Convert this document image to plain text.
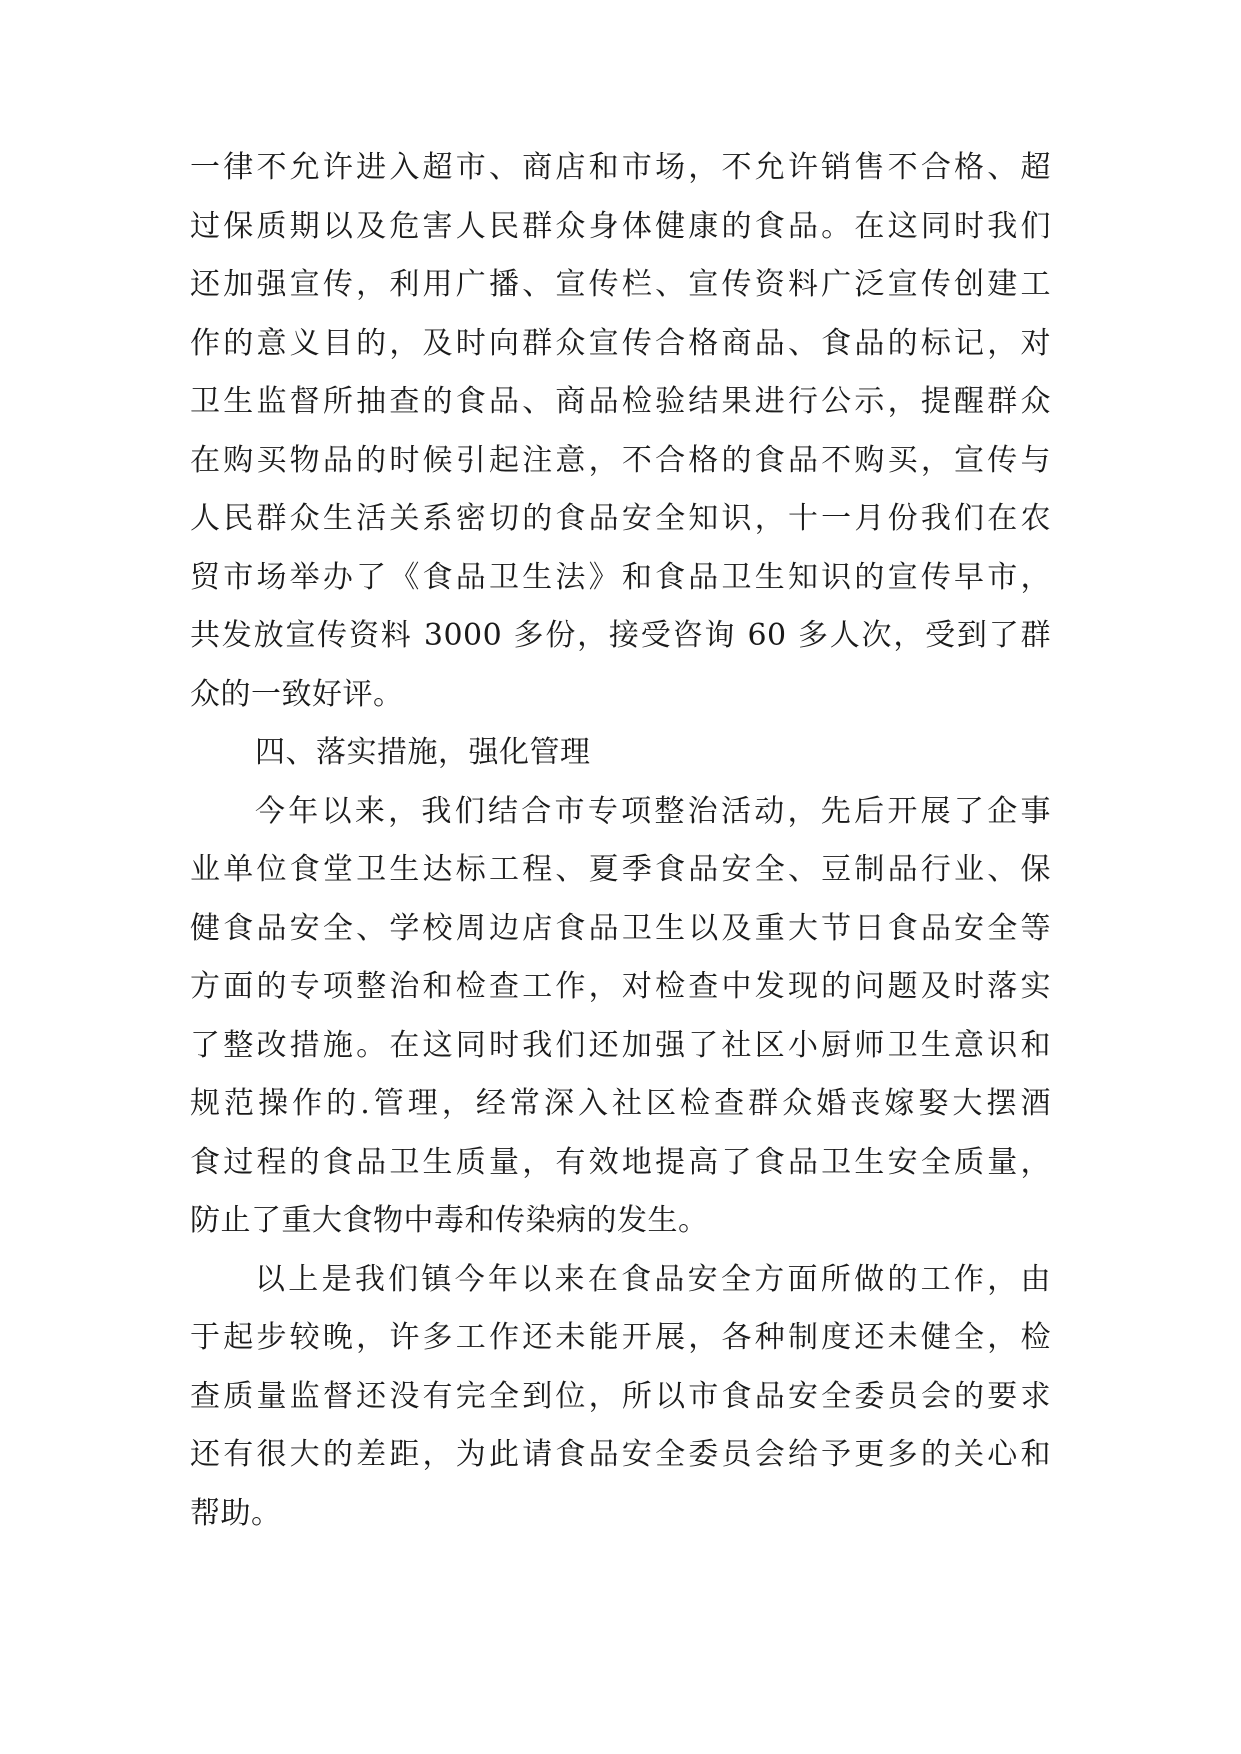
一律不允许进入超市、商店和市场，不允许销售不合格、超
过保质期以及危害人民群众身体健康的食品。在这同时我们
还加强宣传，利用广播、宣传栏、宣传资料广泛宣传创建工
作的意义目的，及时向群众宣传合格商品、食品的标记，对
卫生监督所抽查的食品、商品检验结果进行公示，提醒群众
在购买物品的时候引起注意，不合格的食品不购买，宣传与
人民群众生活关系密切的食品安全知识，十一月份我们在农
贸市场举办了《食品卫生法》和食品卫生知识的宣传早市，
共发放宣传资料 3000 多份，接受咨询 60 多人次，受到了群
众的一致好评。
四、落实措施，强化管理
今年以来，我们结合市专项整治活动，先后开展了企事
业单位食堂卫生达标工程、夏季食品安全、豆制品行业、保
健食品安全、学校周边店食品卫生以及重大节日食品安全等
方面的专项整治和检查工作，对检查中发现的问题及时落实
了整改措施。在这同时我们还加强了社区小厨师卫生意识和
规范操作的.管理，经常深入社区检查群众婚丧嫁娶大摆酒
食过程的食品卫生质量，有效地提高了食品卫生安全质量，
防止了重大食物中毒和传染病的发生。
以上是我们镇今年以来在食品安全方面所做的工作，由
于起步较晚，许多工作还未能开展，各种制度还未健全，检
查质量监督还没有完全到位，所以市食品安全委员会的要求
还有很大的差距，为此请食品安全委员会给予更多的关心和
帮助。
